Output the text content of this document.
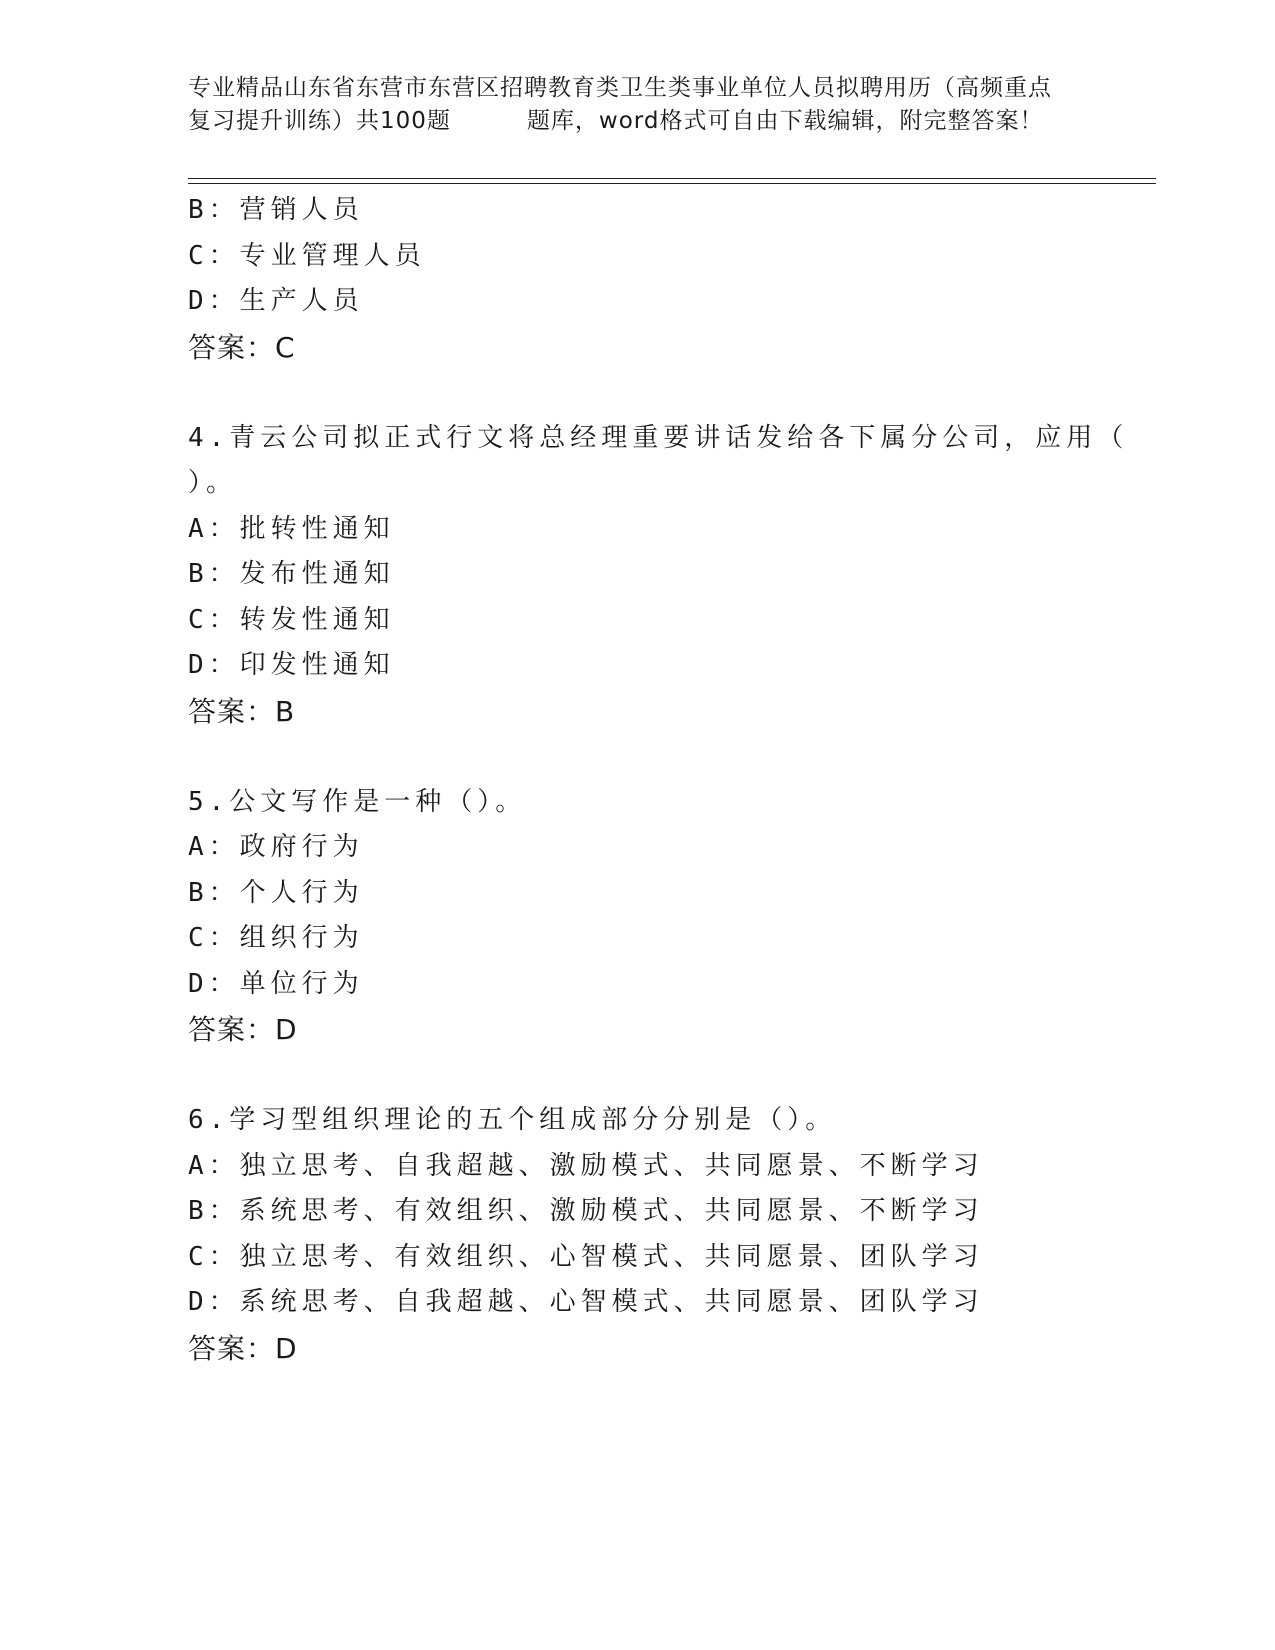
专业精品山东省东营市东营区招聘教育类卫生类事业单位人员拟聘用历（高频重点
复习提升训练）共100题	题库，word格式可自由下载编辑，附完整答案！
B：营销人员
C：专业管理人员
D：生产人员
答案：C
4.青云公司拟正式行文将总经理重要讲话发给各下属分公司，应用（
）。
A：批转性通知
B：发布性通知
C：转发性通知
D：印发性通知
答案：B
5.公文写作是一种（）。
A：政府行为
B：个人行为
C：组织行为
D：单位行为
答案：D
6.学习型组织理论的五个组成部分分别是（）。
A：独立思考、自我超越、激励模式、共同愿景、不断学习
B：系统思考、有效组织、激励模式、共同愿景、不断学习
C：独立思考、有效组织、心智模式、共同愿景、团队学习
D：系统思考、自我超越、心智模式、共同愿景、团队学习
答案：D
